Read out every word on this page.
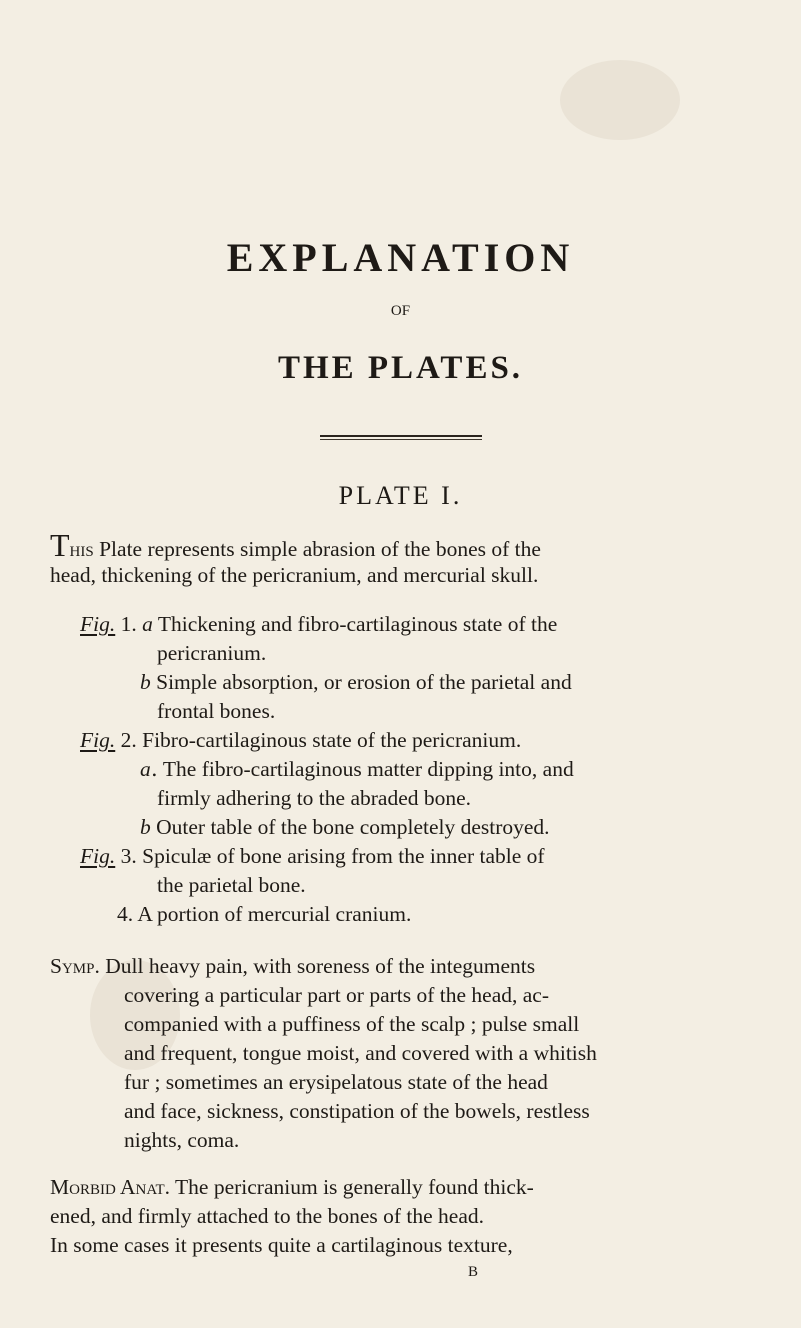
EXPLANATION
OF
THE PLATES.
PLATE I.
This Plate represents simple abrasion of the bones of the
head, thickening of the pericranium, and mercurial skull.
Fig. 1. a Thickening and fibro-cartilaginous state of the
pericranium.
b Simple absorption, or erosion of the parietal and
frontal bones.
Fig. 2. Fibro-cartilaginous state of the pericranium.
a․ The fibro-cartilaginous matter dipping into, and
firmly adhering to the abraded bone.
b Outer table of the bone completely destroyed.
Fig. 3. Spiculæ of bone arising from the inner table of
the parietal bone.
4. A portion of mercurial cranium.
Symp. Dull heavy pain, with soreness of the integuments
covering a particular part or parts of the head, ac-
companied with a puffiness of the scalp ; pulse small
and frequent, tongue moist, and covered with a whitish
fur ; sometimes an erysipelatous state of the head
and face, sickness, constipation of the bowels, restless
nights, coma.
Morbid Anat. The pericranium is generally found thick-
ened, and firmly attached to the bones of the head.
In some cases it presents quite a cartilaginous texture,
B
